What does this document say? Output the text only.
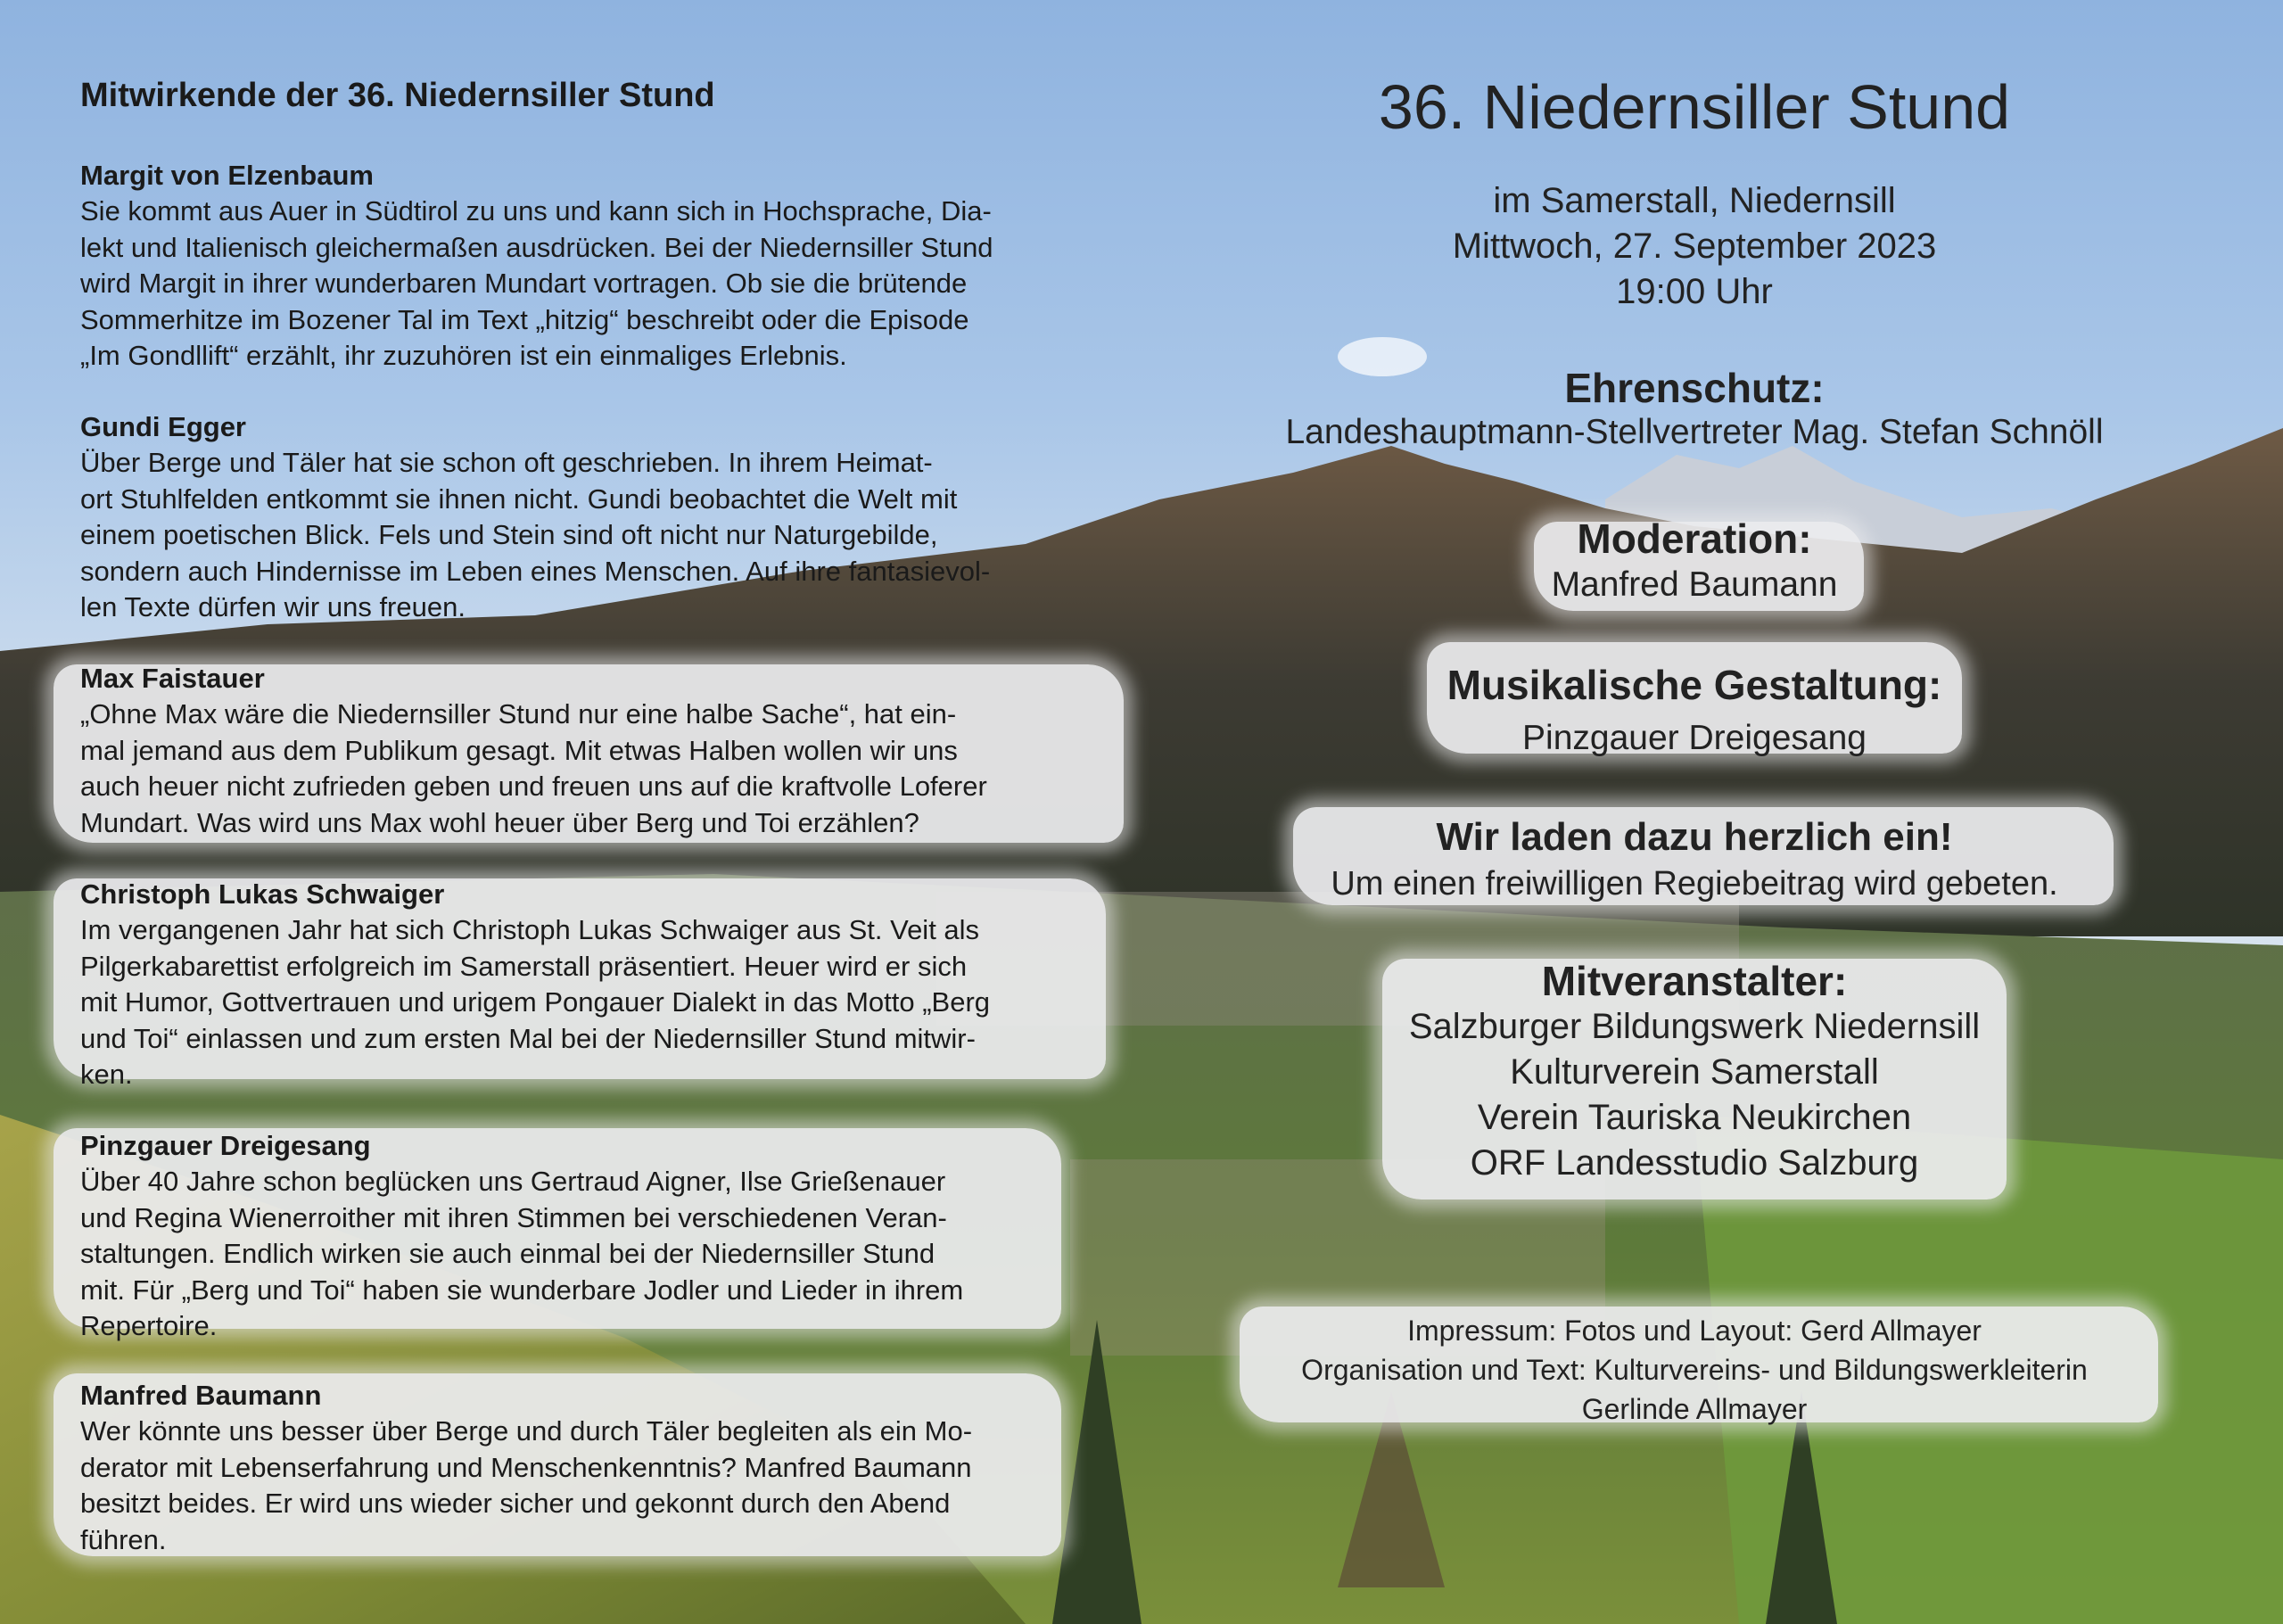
Mitwirkende der 36. Niedernsiller Stund
Margit von Elzenbaum
Sie kommt aus Auer in Südtirol zu uns und kann sich in Hochsprache, Dia-
lekt und Italienisch gleichermaßen ausdrücken. Bei der Niedernsiller Stund
wird Margit in ihrer wunderbaren Mundart vortragen. Ob sie die brütende
Sommerhitze im Bozener Tal im Text „hitzig“ beschreibt oder die Episode
„Im Gondllift“ erzählt, ihr zuzuhören ist ein einmaliges Erlebnis.
Gundi Egger
Über Berge und Täler hat sie schon oft geschrieben. In ihrem Heimat-
ort Stuhlfelden entkommt sie ihnen nicht. Gundi beobachtet die Welt mit
einem poetischen Blick. Fels und Stein sind oft nicht nur Naturgebilde,
sondern auch Hindernisse im Leben eines Menschen. Auf ihre fantasievol-
len Texte dürfen wir uns freuen.
Max Faistauer
„Ohne Max wäre die Niedernsiller Stund nur eine halbe Sache“, hat ein-
mal jemand aus dem Publikum gesagt. Mit etwas Halben wollen wir uns
auch heuer nicht zufrieden geben und freuen uns auf die kraftvolle Loferer
Mundart. Was wird uns Max wohl heuer über Berg und Toi erzählen?
Christoph Lukas Schwaiger
Im vergangenen Jahr hat sich Christoph Lukas Schwaiger aus St. Veit als
Pilgerkabarettist erfolgreich im Samerstall präsentiert. Heuer wird er sich
mit Humor, Gottvertrauen und urigem Pongauer Dialekt in das Motto „Berg
und Toi“ einlassen und zum ersten Mal bei der Niedernsiller Stund mitwir-
ken.
Pinzgauer Dreigesang
Über 40 Jahre schon beglücken uns Gertraud Aigner, Ilse Grießenauer
und Regina Wienerroither mit ihren Stimmen bei verschiedenen Veran-
staltungen. Endlich wirken sie auch einmal bei der Niedernsiller Stund
mit. Für „Berg und Toi“ haben sie wunderbare Jodler und Lieder in ihrem
Repertoire.
Manfred Baumann
Wer könnte uns besser über Berge und durch Täler begleiten als ein Mo-
derator mit Lebenserfahrung und Menschenkenntnis? Manfred Baumann
besitzt beides. Er wird uns wieder sicher und gekonnt durch den Abend
führen.
36. Niedernsiller Stund
im Samerstall, Niedernsill
Mittwoch, 27. September 2023
19:00 Uhr
Ehrenschutz:
Landeshauptmann-Stellvertreter Mag. Stefan Schnöll
Moderation:
Manfred Baumann
Musikalische Gestaltung:
Pinzgauer Dreigesang
Wir laden dazu herzlich ein!
Um einen freiwilligen Regiebeitrag wird gebeten.
Mitveranstalter:
Salzburger Bildungswerk Niedernsill
Kulturverein Samerstall
Verein Tauriska Neukirchen
ORF Landesstudio Salzburg
Impressum: Fotos und Layout: Gerd Allmayer
Organisation und Text: Kulturvereins- und Bildungswerkleiterin
Gerlinde Allmayer
